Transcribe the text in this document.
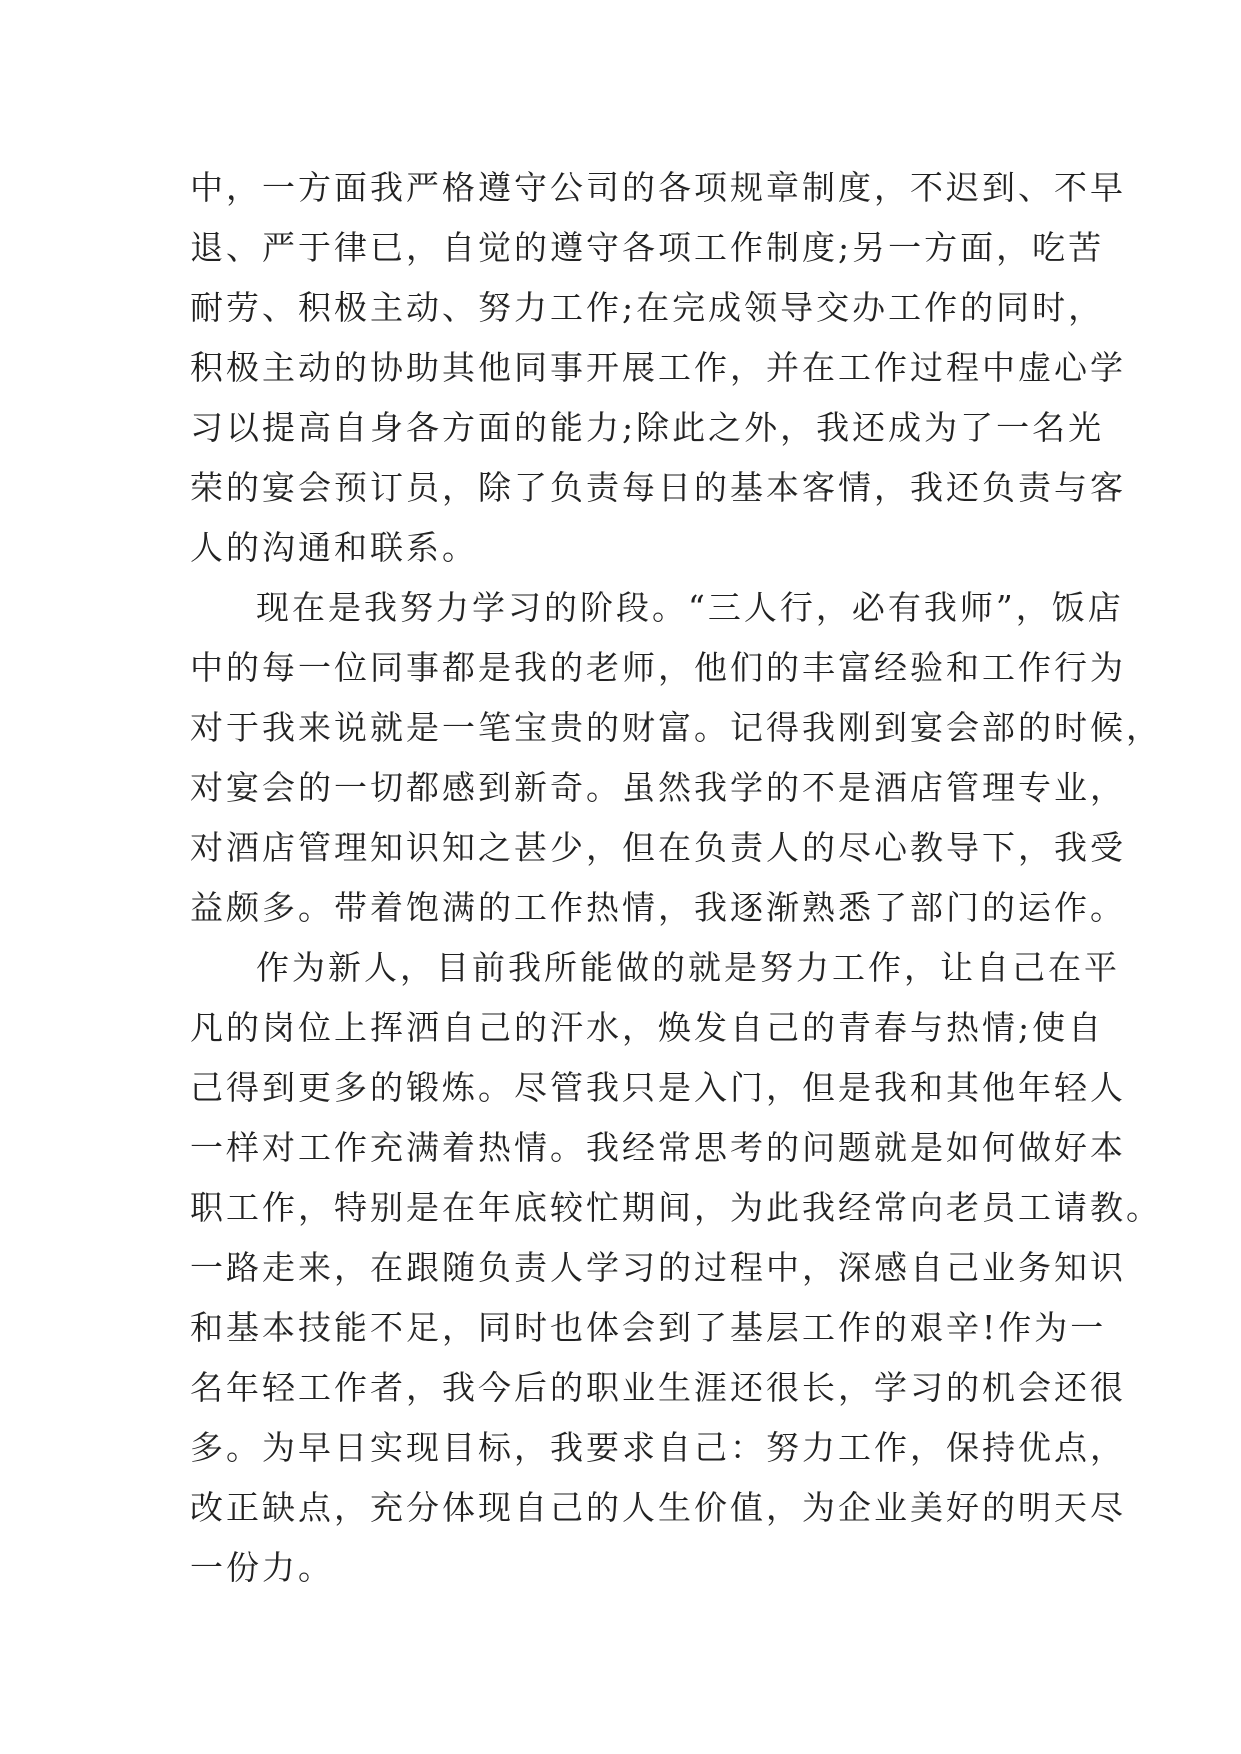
中，一方面我严格遵守公司的各项规章制度，不迟到、不早
退、严于律已，自觉的遵守各项工作制度;另一方面，吃苦
耐劳、积极主动、努力工作;在完成领导交办工作的同时，
积极主动的协助其他同事开展工作，并在工作过程中虚心学
习以提高自身各方面的能力;除此之外，我还成为了一名光
荣的宴会预订员，除了负责每日的基本客情，我还负责与客
人的沟通和联系。
现在是我努力学习的阶段。“三人行，必有我师”，饭店
中的每一位同事都是我的老师，他们的丰富经验和工作行为
对于我来说就是一笔宝贵的财富。记得我刚到宴会部的时候，
对宴会的一切都感到新奇。虽然我学的不是酒店管理专业，
对酒店管理知识知之甚少，但在负责人的尽心教导下，我受
益颇多。带着饱满的工作热情，我逐渐熟悉了部门的运作。
作为新人，目前我所能做的就是努力工作，让自己在平
凡的岗位上挥洒自己的汗水，焕发自己的青春与热情;使自
己得到更多的锻炼。尽管我只是入门，但是我和其他年轻人
一样对工作充满着热情。我经常思考的问题就是如何做好本
职工作，特别是在年底较忙期间，为此我经常向老员工请教。
一路走来，在跟随负责人学习的过程中，深感自己业务知识
和基本技能不足，同时也体会到了基层工作的艰辛!作为一
名年轻工作者，我今后的职业生涯还很长，学习的机会还很
多。为早日实现目标，我要求自己：努力工作，保持优点，
改正缺点，充分体现自己的人生价值，为企业美好的明天尽
一份力。
